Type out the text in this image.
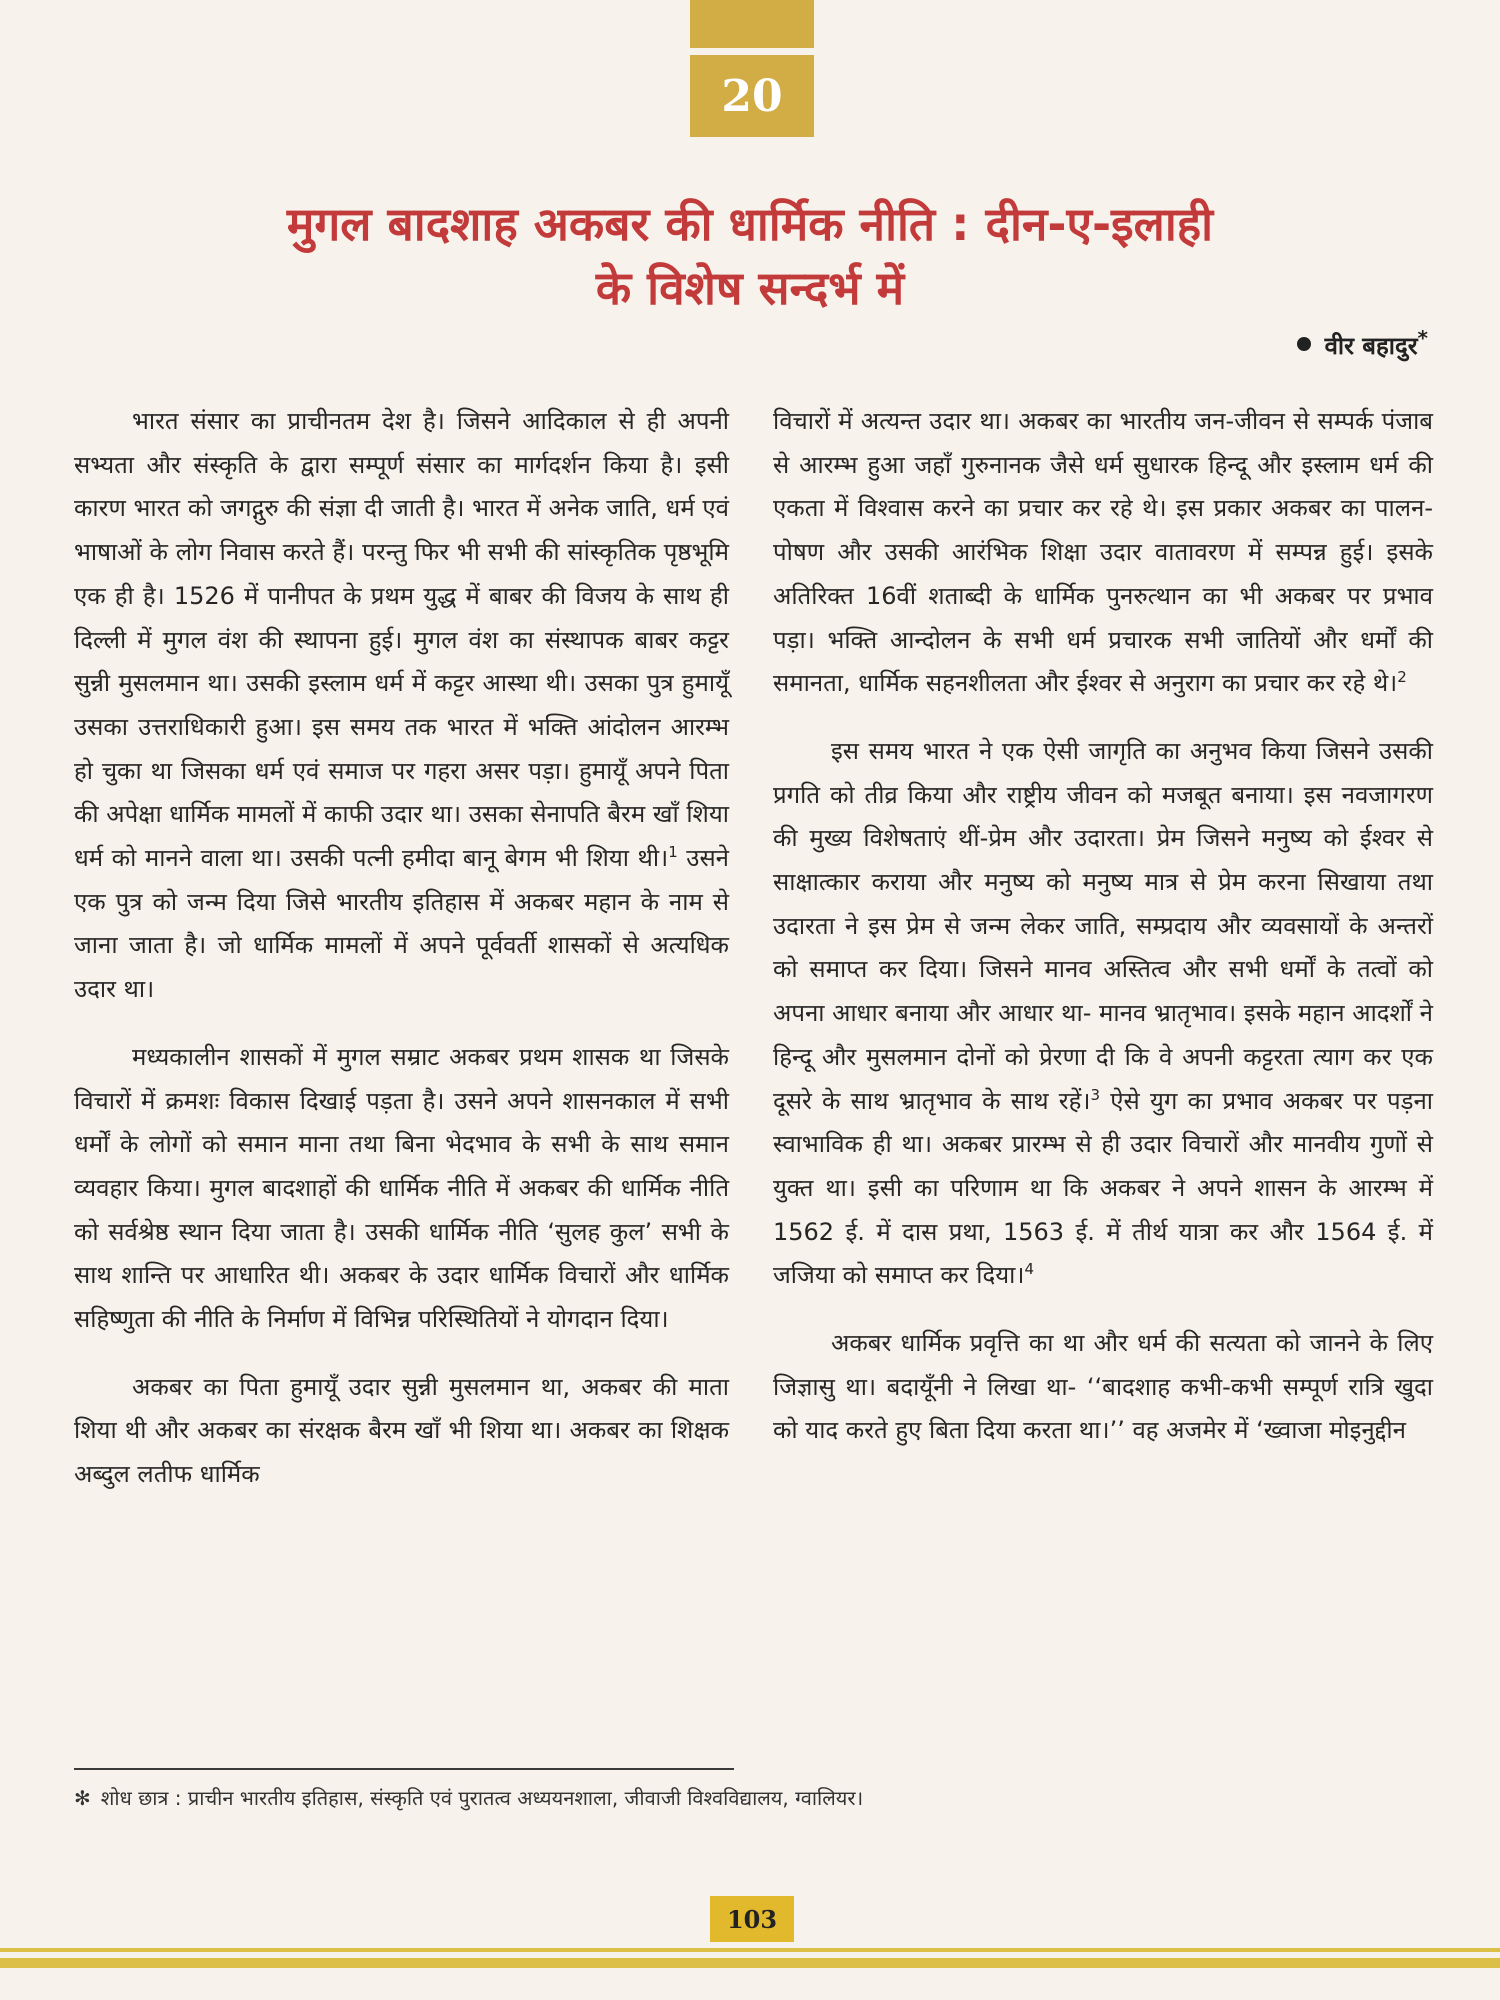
20
मुगल बादशाह अकबर की धार्मिक नीति : दीन-ए-इलाही
के विशेष सन्दर्भ में
वीर बहादुर*

भारत संसार का प्राचीनतम देश है। जिसने आदिकाल से ही अपनी सभ्यता और संस्कृति के द्वारा सम्पूर्ण संसार का मार्गदर्शन किया है। इसी कारण भारत को जगद्गुरु की संज्ञा दी जाती है। भारत में अनेक जाति, धर्म एवं भाषाओं के लोग निवास करते हैं। परन्तु फिर भी सभी की सांस्कृतिक पृष्ठभूमि एक ही है। 1526 में पानीपत के प्रथम युद्ध में बाबर की विजय के साथ ही दिल्ली में मुगल वंश की स्थापना हुई। मुगल वंश का संस्थापक बाबर कट्टर सुन्नी मुसलमान था। उसकी इस्लाम धर्म में कट्टर आस्था थी। उसका पुत्र हुमायूँ उसका उत्तराधिकारी हुआ। इस समय तक भारत में भक्ति आंदोलन आरम्भ हो चुका था जिसका धर्म एवं समाज पर गहरा असर पड़ा। हुमायूँ अपने पिता की अपेक्षा धार्मिक मामलों में काफी उदार था। उसका सेनापति बैरम खाँ शिया धर्म को मानने वाला था। उसकी पत्नी हमीदा बानू बेगम भी शिया थी।$^1$ उसने एक पुत्र को जन्म दिया जिसे भारतीय इतिहास में अकबर महान के नाम से जाना जाता है। जो धार्मिक मामलों में अपने पूर्ववर्ती शासकों से अत्यधिक उदार था।

मध्यकालीन शासकों में मुगल सम्राट अकबर प्रथम शासक था जिसके विचारों में क्रमशः विकास दिखाई पड़ता है। उसने अपने शासनकाल में सभी धर्मों के लोगों को समान माना तथा बिना भेदभाव के सभी के साथ समान व्यवहार किया। मुगल बादशाहों की धार्मिक नीति में अकबर की धार्मिक नीति को सर्वश्रेष्ठ स्थान दिया जाता है। उसकी धार्मिक नीति ‘सुलह कुल’ सभी के साथ शान्ति पर आधारित थी। अकबर के उदार धार्मिक विचारों और धार्मिक सहिष्णुता की नीति के निर्माण में विभिन्न परिस्थितियों ने योगदान दिया।

अकबर का पिता हुमायूँ उदार सुन्नी मुसलमान था, अकबर की माता शिया थी और अकबर का संरक्षक बैरम खाँ भी शिया था। अकबर का शिक्षक अब्दुल लतीफ धार्मिक

विचारों में अत्यन्त उदार था। अकबर का भारतीय जन-जीवन से सम्पर्क पंजाब से आरम्भ हुआ जहाँ गुरुनानक जैसे धर्म सुधारक हिन्दू और इस्लाम धर्म की एकता में विश्वास करने का प्रचार कर रहे थे। इस प्रकार अकबर का पालन-पोषण और उसकी आरंभिक शिक्षा उदार वातावरण में सम्पन्न हुई। इसके अतिरिक्त 16वीं शताब्दी के धार्मिक पुनरुत्थान का भी अकबर पर प्रभाव पड़ा। भक्ति आन्दोलन के सभी धर्म प्रचारक सभी जातियों और धर्मों की समानता, धार्मिक सहनशीलता और ईश्वर से अनुराग का प्रचार कर रहे थे।$^2$

इस समय भारत ने एक ऐसी जागृति का अनुभव किया जिसने उसकी प्रगति को तीव्र किया और राष्ट्रीय जीवन को मजबूत बनाया। इस नवजागरण की मुख्य विशेषताएं थीं-प्रेम और उदारता। प्रेम जिसने मनुष्य को ईश्वर से साक्षात्कार कराया और मनुष्य को मनुष्य मात्र से प्रेम करना सिखाया तथा उदारता ने इस प्रेम से जन्म लेकर जाति, सम्प्रदाय और व्यवसायों के अन्तरों को समाप्त कर दिया। जिसने मानव अस्तित्व और सभी धर्मों के तत्वों को अपना आधार बनाया और आधार था- मानव भ्रातृभाव। इसके महान आदर्शों ने हिन्दू और मुसलमान दोनों को प्रेरणा दी कि वे अपनी कट्टरता त्याग कर एक दूसरे के साथ भ्रातृभाव के साथ रहें।$^3$ ऐसे युग का प्रभाव अकबर पर पड़ना स्वाभाविक ही था। अकबर प्रारम्भ से ही उदार विचारों और मानवीय गुणों से युक्त था। इसी का परिणाम था कि अकबर ने अपने शासन के आरम्भ में 1562 ई. में दास प्रथा, 1563 ई. में तीर्थ यात्रा कर और 1564 ई. में जजिया को समाप्त कर दिया।$^4$

अकबर धार्मिक प्रवृत्ति का था और धर्म की सत्यता को जानने के लिए जिज्ञासु था। बदायूँनी ने लिखा था- ‘‘बादशाह कभी-कभी सम्पूर्ण रात्रि खुदा को याद करते हुए बिता दिया करता था।’’ वह अजमेर में ‘ख्वाजा मोइनुद्दीन

✻ शोध छात्र : प्राचीन भारतीय इतिहास, संस्कृति एवं पुरातत्व अध्ययनशाला, जीवाजी विश्वविद्यालय, ग्वालियर।
103
